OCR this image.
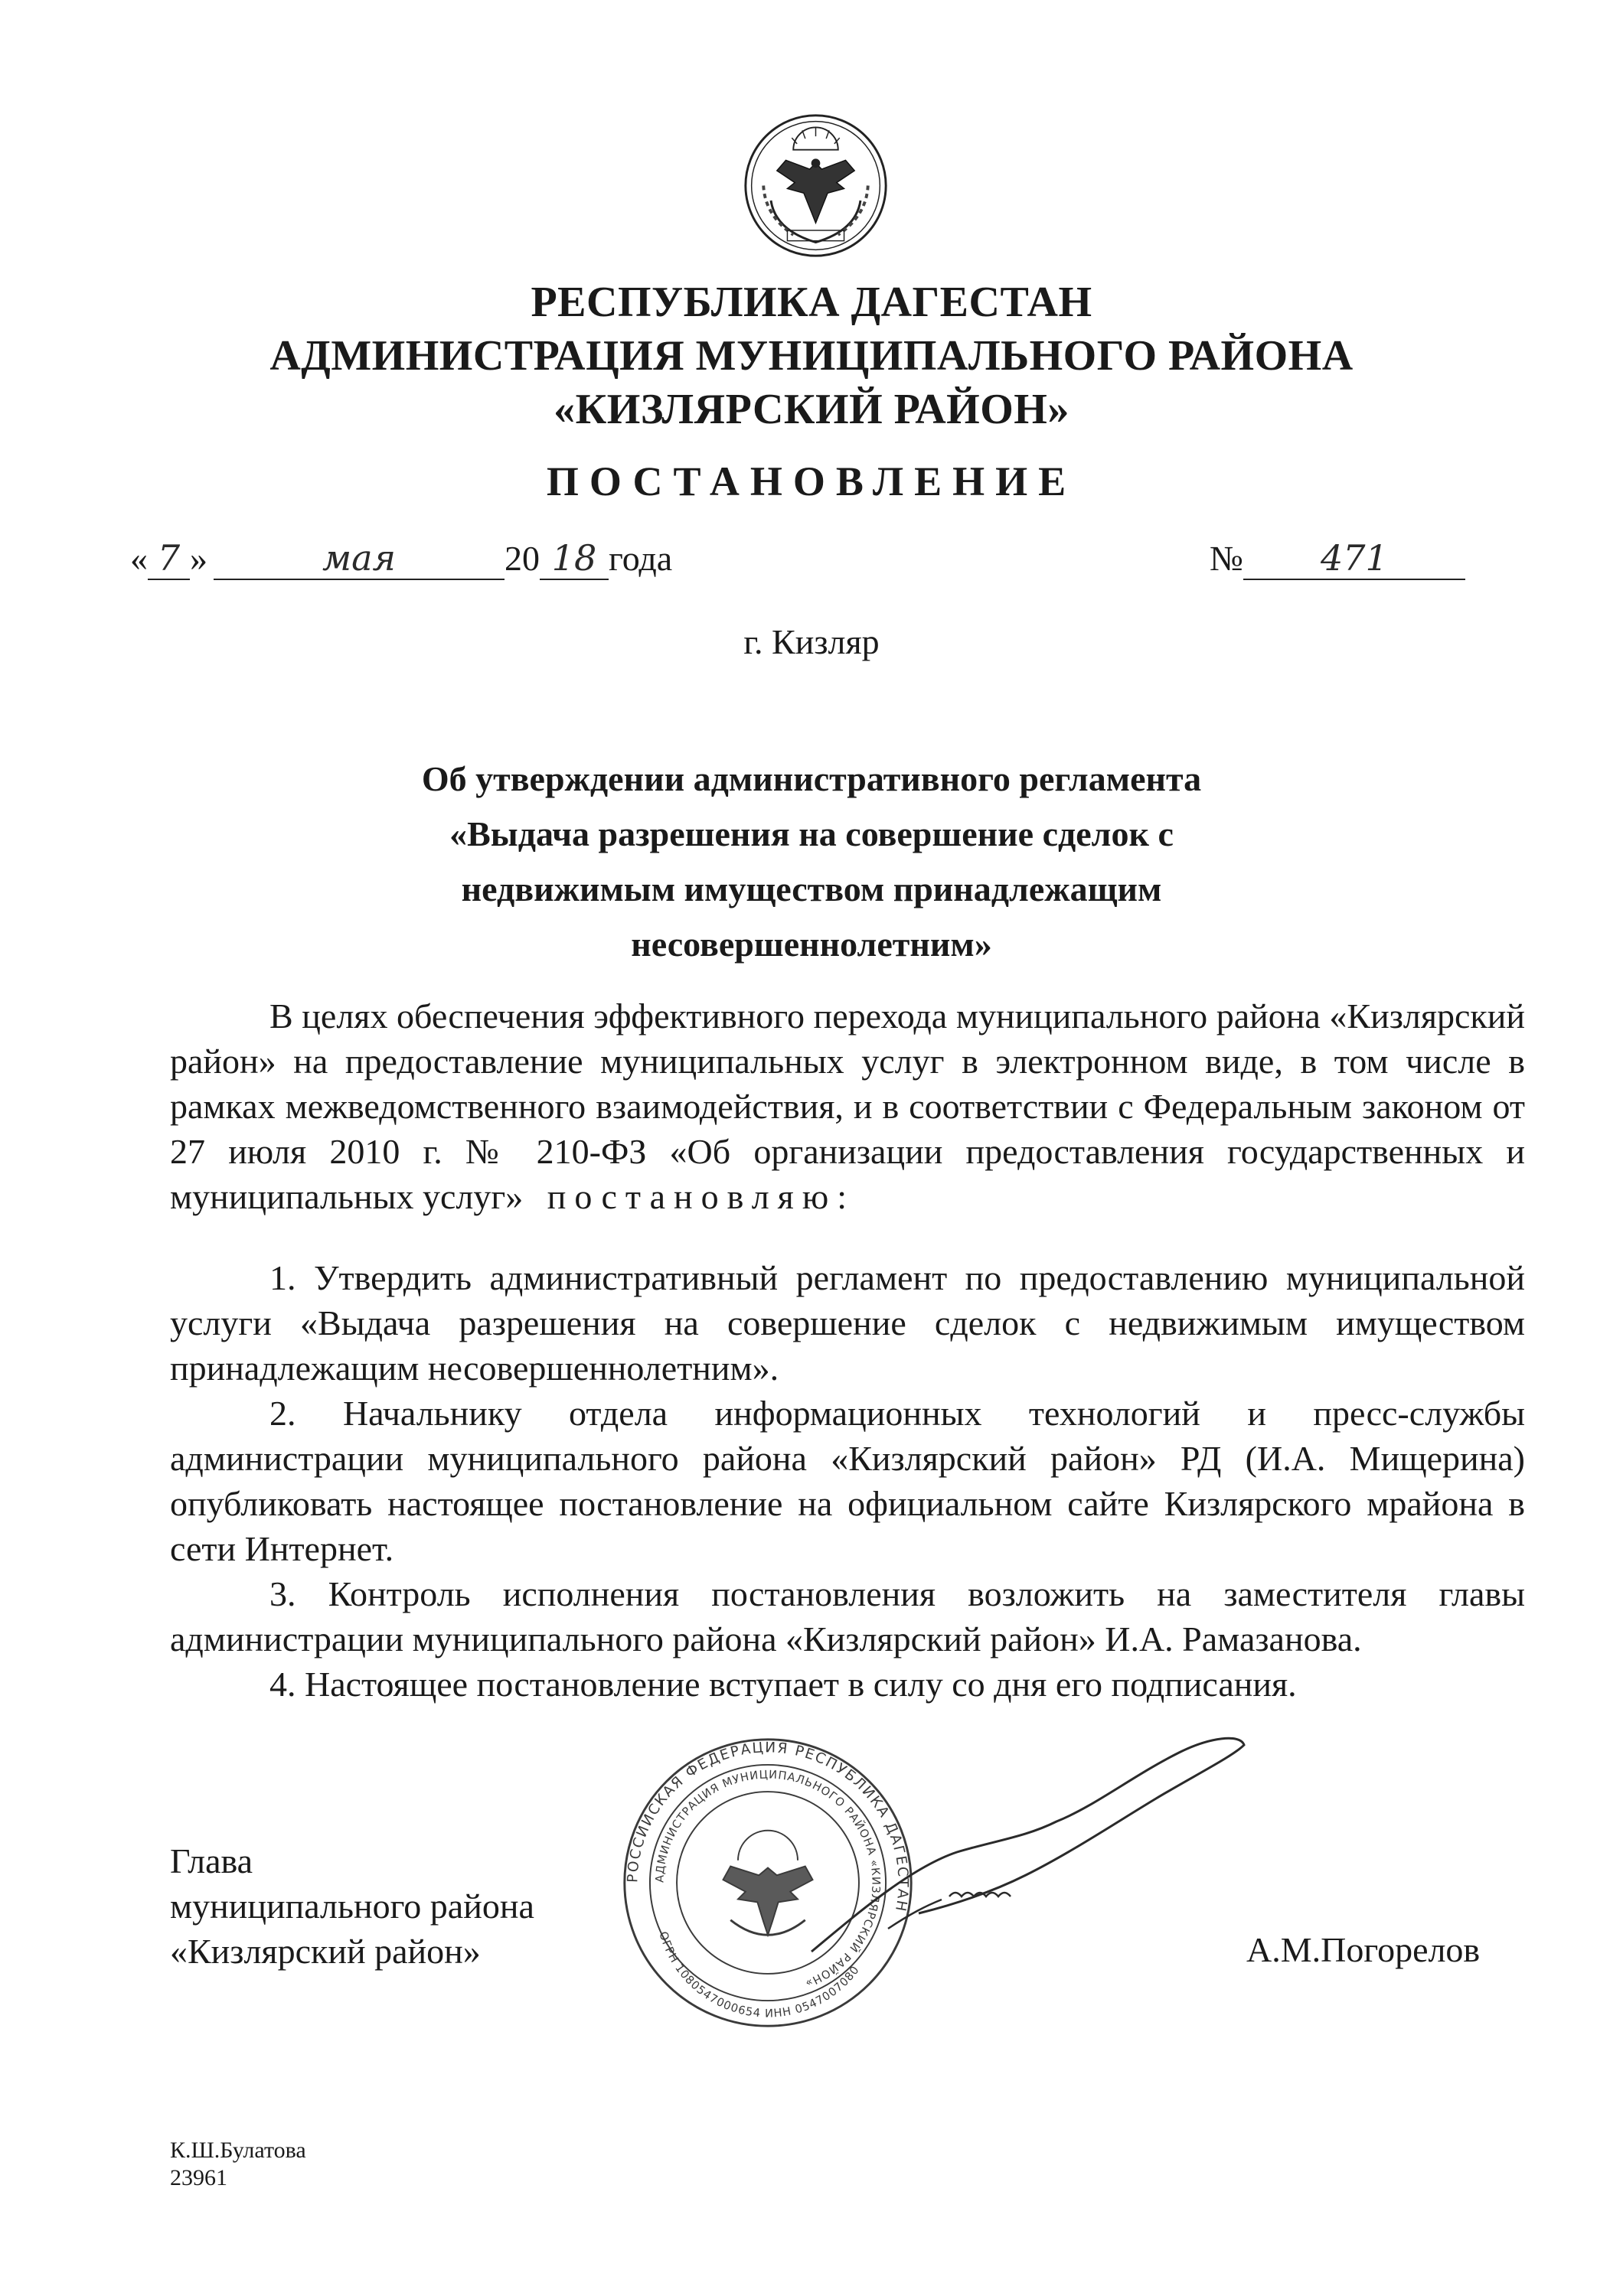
РЕСПУБЛИКА ДАГЕСТАН
АДМИНИСТРАЦИЯ МУНИЦИПАЛЬНОГО РАЙОНА
«КИЗЛЯРСКИЙ РАЙОН»
ПОСТАНОВЛЕНИЕ
« 7 »	мая	20 18 года	№ 471
г. Кизляр
Об утверждении административного регламента
«Выдача разрешения на совершение сделок с
недвижимым имуществом принадлежащим
несовершеннолетним»
В целях обеспечения эффективного перехода муниципального района «Кизлярский район» на предоставление муниципальных услуг в электронном виде, в том числе в рамках межведомственного взаимодействия, и в соответствии с Федеральным законом от 27 июля 2010 г. № 210-ФЗ «Об организации предоставления государственных и муниципальных услуг» постановляю:
1. Утвердить административный регламент по предоставлению муниципальной услуги «Выдача разрешения на совершение сделок с недвижимым имуществом принадлежащим несовершеннолетним».
2. Начальнику отдела информационных технологий и пресс-службы администрации муниципального района «Кизлярский район» РД (И.А. Мищерина) опубликовать настоящее постановление на официальном сайте Кизлярского мрайона в сети Интернет.
3. Контроль исполнения постановления возложить на заместителя главы администрации муниципального района «Кизлярский район» И.А. Рамазанова.
4. Настоящее постановление вступает в силу со дня его подписания.
РОССИЙСКАЯ ФЕДЕРАЦИЯ РЕСПУБЛИКА ДАГЕСТАН
АДМИНИСТРАЦИЯ МУНИЦИПАЛЬНОГО РАЙОНА «КИЗЛЯРСКИЙ РАЙОН»
ОГРН 1080547000654 ИНН 0547007080
Глава
муниципального района
«Кизлярский район»	А.М.Погорелов
К.Ш.Булатова
23961
